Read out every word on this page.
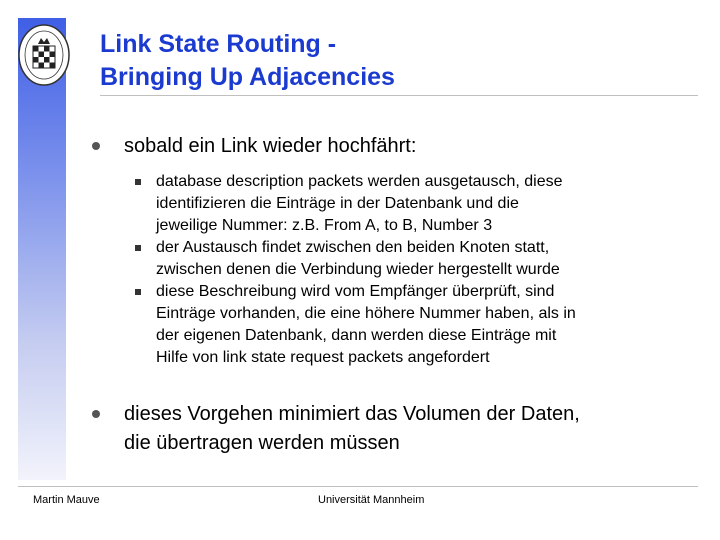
Link State Routing -
Bringing Up Adjacencies
sobald ein Link wieder hochfährt:
database description packets werden ausgetausch, diese
identifizieren die Einträge in der Datenbank und die
jeweilige Nummer: z.B. From A, to B, Number 3
der Austausch findet zwischen den beiden Knoten statt,
zwischen denen die Verbindung wieder hergestellt wurde
diese Beschreibung wird vom Empfänger überprüft, sind
Einträge vorhanden, die eine höhere Nummer haben, als in
der eigenen Datenbank, dann werden diese Einträge mit
Hilfe von link state request packets angefordert
dieses Vorgehen minimiert das Volumen der Daten,
die übertragen werden müssen
Martin Mauve	Universität Mannheim
